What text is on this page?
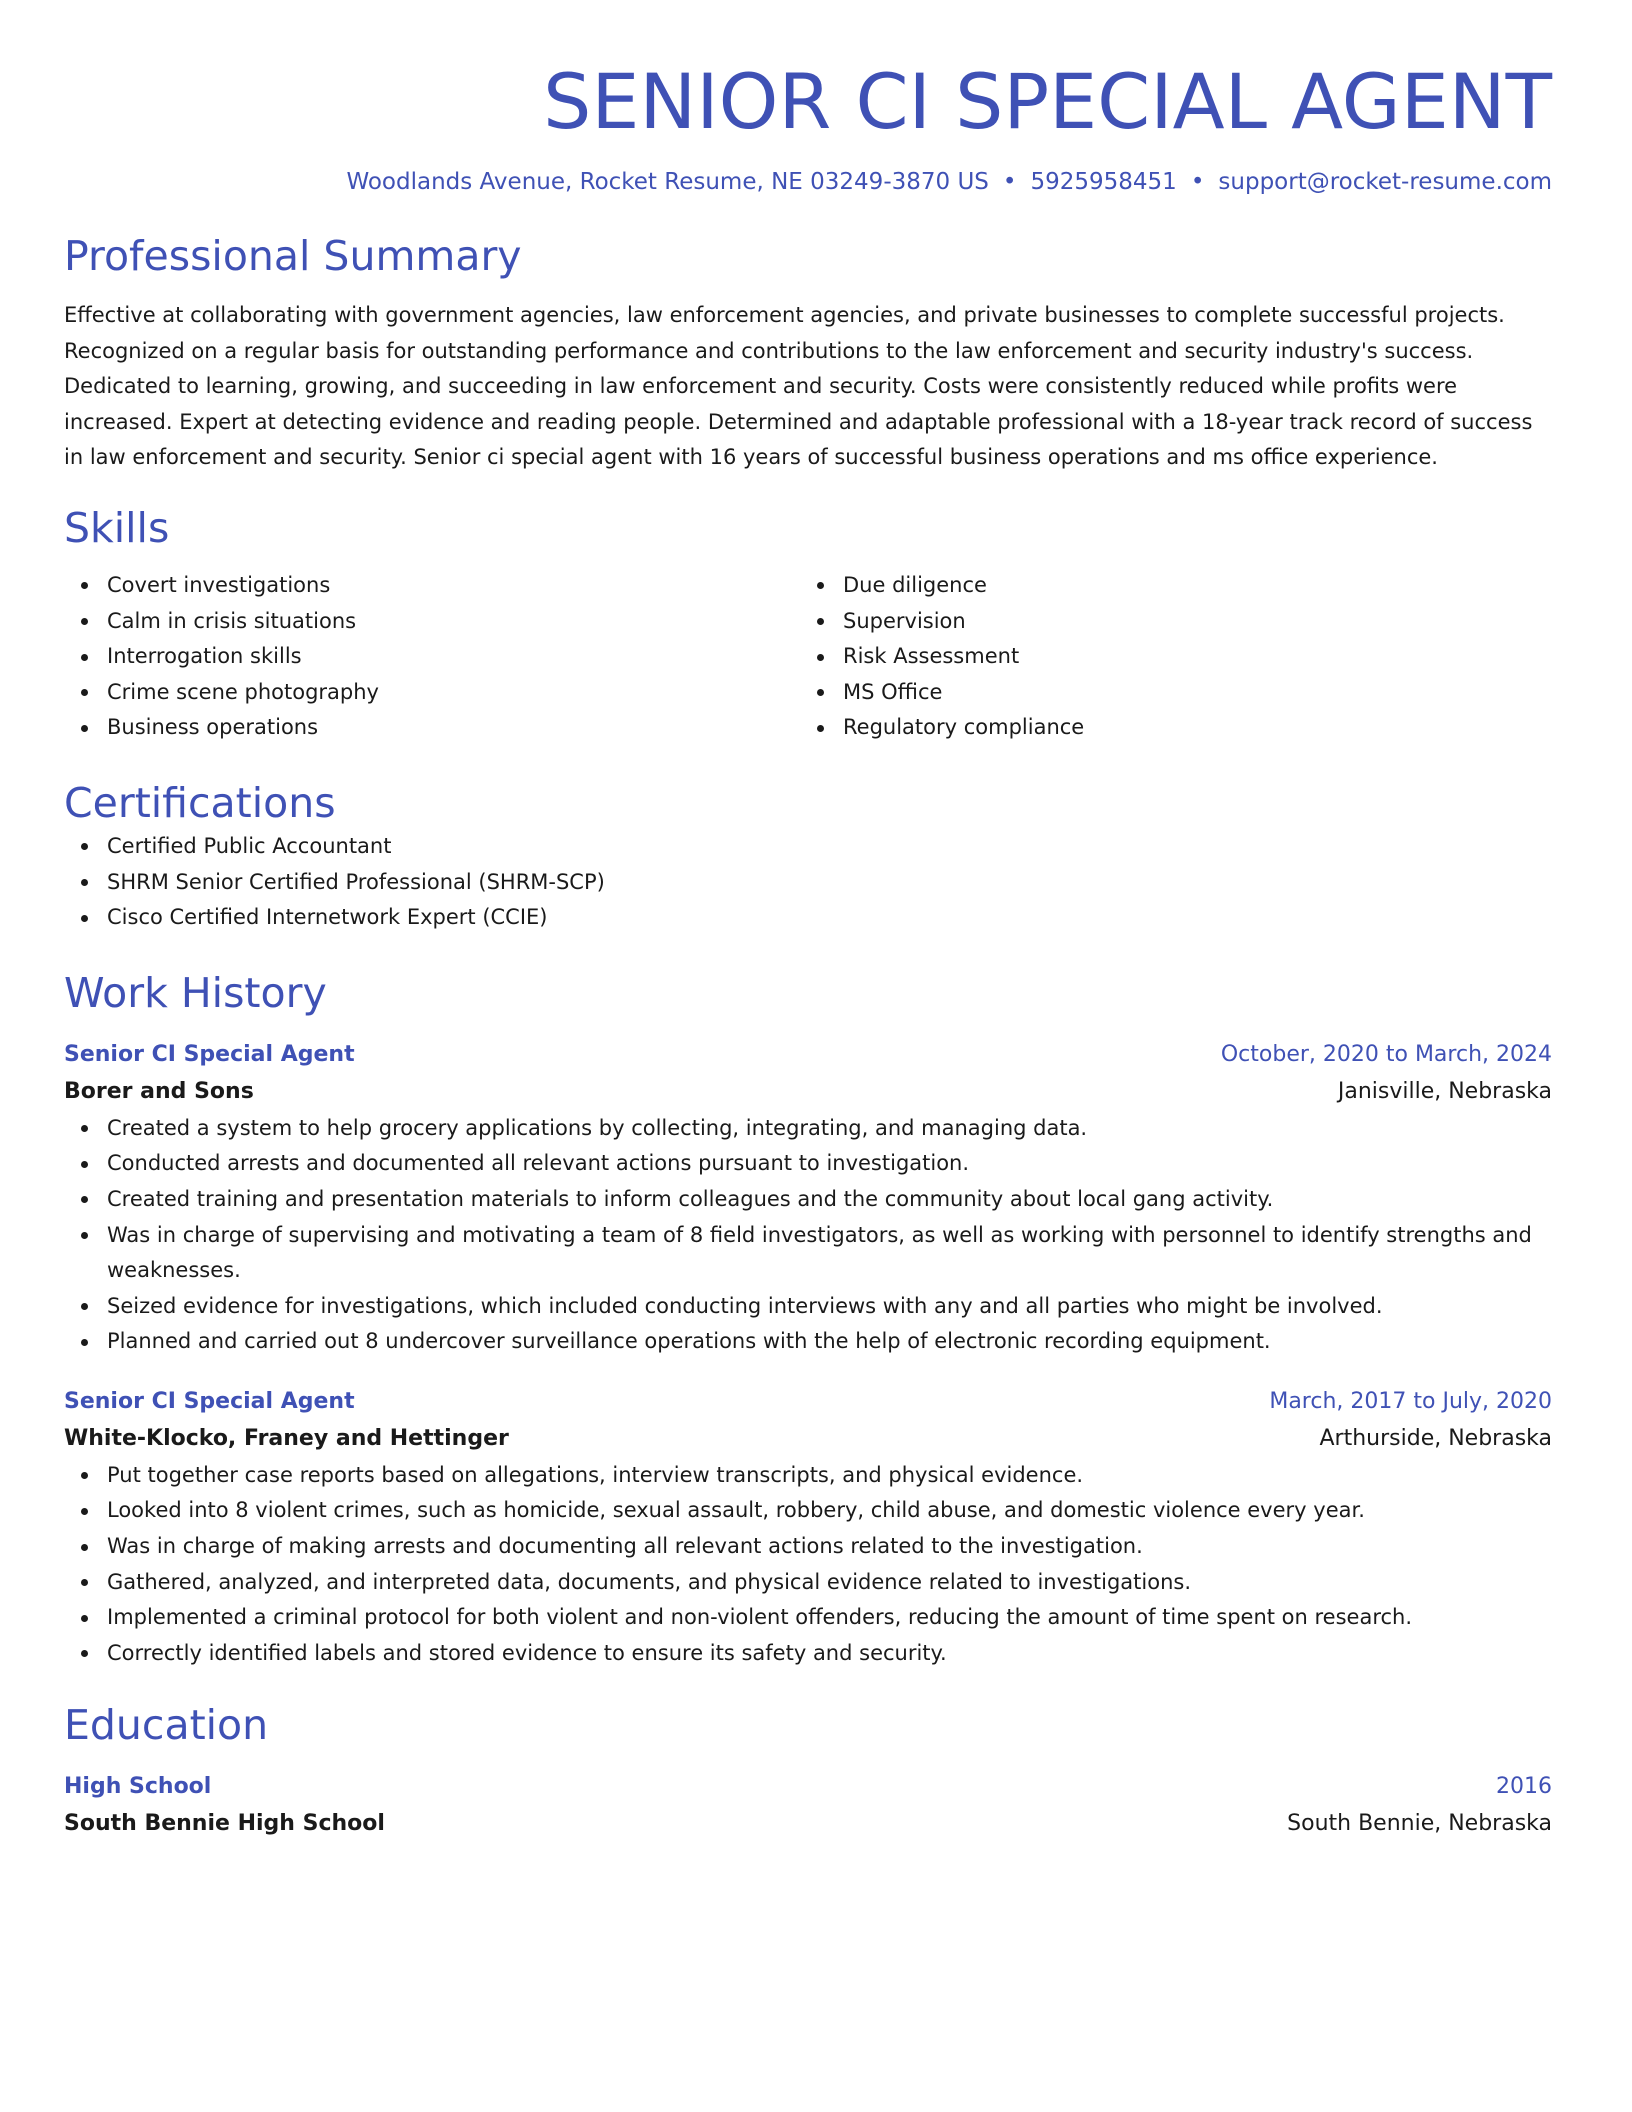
SENIOR CI SPECIAL AGENT
Woodlands Avenue, Rocket Resume, NE 03249-3870 US • 5925958451 • support@rocket-resume.com
Professional Summary
Effective at collaborating with government agencies, law enforcement agencies, and private businesses to complete successful projects. Recognized on a regular basis for outstanding performance and contributions to the law enforcement and security industry's success. Dedicated to learning, growing, and succeeding in law enforcement and security. Costs were consistently reduced while profits were increased. Expert at detecting evidence and reading people. Determined and adaptable professional with a 18-year track record of success in law enforcement and security. Senior ci special agent with 16 years of successful business operations and ms office experience.
Skills
Covert investigations
Calm in crisis situations
Interrogation skills
Crime scene photography
Business operations
Due diligence
Supervision
Risk Assessment
MS Office
Regulatory compliance
Certifications
Certified Public Accountant
SHRM Senior Certified Professional (SHRM-SCP)
Cisco Certified Internetwork Expert (CCIE)
Work History
Senior CI Special Agent	October, 2020 to March, 2024
Borer and Sons	Janisville, Nebraska
Created a system to help grocery applications by collecting, integrating, and managing data.
Conducted arrests and documented all relevant actions pursuant to investigation.
Created training and presentation materials to inform colleagues and the community about local gang activity.
Was in charge of supervising and motivating a team of 8 field investigators, as well as working with personnel to identify strengths and weaknesses.
Seized evidence for investigations, which included conducting interviews with any and all parties who might be involved.
Planned and carried out 8 undercover surveillance operations with the help of electronic recording equipment.
Senior CI Special Agent	March, 2017 to July, 2020
White-Klocko, Franey and Hettinger	Arthurside, Nebraska
Put together case reports based on allegations, interview transcripts, and physical evidence.
Looked into 8 violent crimes, such as homicide, sexual assault, robbery, child abuse, and domestic violence every year.
Was in charge of making arrests and documenting all relevant actions related to the investigation.
Gathered, analyzed, and interpreted data, documents, and physical evidence related to investigations.
Implemented a criminal protocol for both violent and non-violent offenders, reducing the amount of time spent on research.
Correctly identified labels and stored evidence to ensure its safety and security.
Education
High School	2016
South Bennie High School	South Bennie, Nebraska
